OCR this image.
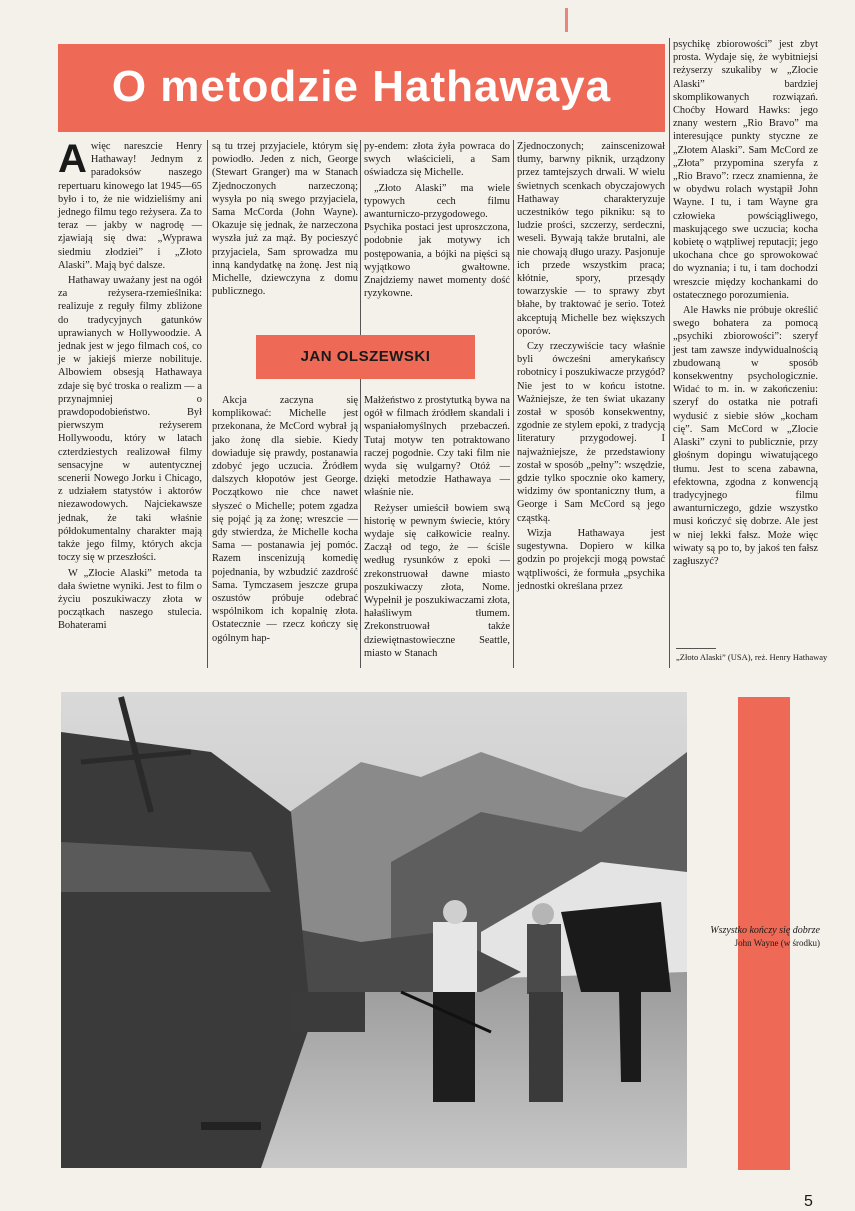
O metodzie Hathawaya

Awięc nareszcie Henry Hathaway! Jednym z paradoksów naszego repertuaru kinowego lat 1945—65 było i to, że nie widzieliśmy ani jednego filmu tego reżysera. Za to teraz — jakby w nagrodę — zjawiają się dwa: „Wyprawa siedmiu złodziei” i „Złoto Alaski”. Mają być dalsze.

Hathaway uważany jest na ogół za reżysera-rzemieślnika: realizuje z reguły filmy zbliżone do tradycyjnych gatunków uprawianych w Hollywoodzie. A jednak jest w jego filmach coś, co je w jakiejś mierze nobilituje. Albowiem obsesją Hathawaya zdaje się być troska o realizm — a przynajmniej o prawdopodobieństwo. Był pierwszym reżyserem Hollywoodu, który w latach czterdziestych realizował filmy sensacyjne w autentycznej scenerii Nowego Jorku i Chicago, z udziałem statystów i aktorów niezawodowych. Najciekawsze jednak, że taki właśnie półdokumentalny charakter mają także jego filmy, których akcja toczy się w przeszłości.

W „Złocie Alaski” metoda ta dała świetne wyniki. Jest to film o życiu poszukiwaczy złota w początkach naszego stulecia. Bohaterami

są tu trzej przyjaciele, którym się powiodło. Jeden z nich, George (Stewart Granger) ma w Stanach Zjednoczonych narzeczoną; wysyła po nią swego przyjaciela, Sama McCorda (John Wayne). Okazuje się jednak, że narzeczona wyszła już za mąż. By pocieszyć przyjaciela, Sam sprowadza mu inną kandydatkę na żonę. Jest nią Michelle, dziewczyna z domu publicznego.

Akcja zaczyna się komplikować: Michelle jest przekonana, że McCord wybrał ją jako żonę dla siebie. Kiedy dowiaduje się prawdy, postanawia zdobyć jego uczucia. Źródłem dalszych kłopotów jest George. Początkowo nie chce nawet słyszeć o Michelle; potem zgadza się pojąć ją za żonę; wreszcie — gdy stwierdza, że Michelle kocha Sama — postanawia jej pomóc. Razem inscenizują komedię pojednania, by wzbudzić zazdrość Sama. Tymczasem jeszcze grupa oszustów próbuje odebrać wspólnikom ich kopalnię złota. Ostatecznie — rzecz kończy się ogólnym hap-

py-endem: złota żyła powraca do swych właścicieli, a Sam oświadcza się Michelle.

„Złoto Alaski” ma wiele typowych cech filmu awanturniczo-przygodowego. Psychika postaci jest uproszczona, podobnie jak motywy ich postępowania, a bójki na pięści są wyjątkowo gwałtowne. Znajdziemy nawet momenty dość ryzykowne.

Małżeństwo z prostytutką bywa na ogół w filmach źródłem skandali i wspaniałomyślnych przebaczeń. Tutaj motyw ten potraktowano raczej pogodnie. Czy taki film nie wyda się wulgarny? Otóż — dzięki metodzie Hathawaya — właśnie nie.

Reżyser umieścił bowiem swą historię w pewnym świecie, który wydaje się całkowicie realny. Zaczął od tego, że — ściśle według rysunków z epoki — zrekonstruował dawne miasto poszukiwaczy złota, Nome. Wypełnił je poszukiwaczami złota, hałaśliwym tłumem. Zrekonstruował także dziewiętnastowieczne Seattle, miasto w Stanach

JAN OLSZEWSKI

Zjednoczonych; zainscenizował tłumy, barwny piknik, urządzony przez tamtejszych drwali. W wielu świetnych scenkach obyczajowych Hathaway charakteryzuje uczestników tego pikniku: są to ludzie prości, szczerzy, serdeczni, weseli. Bywają także brutalni, ale nie chowają długo urazy. Pasjonuje ich przede wszystkim praca; kłótnie, spory, przesądy towarzyskie — to sprawy zbyt błahe, by traktować je serio. Toteż akceptują Michelle bez większych oporów.

Czy rzeczywiście tacy właśnie byli ówcześni amerykańscy robotnicy i poszukiwacze przygód? Nie jest to w końcu istotne. Ważniejsze, że ten świat ukazany został w sposób konsekwentny, zgodnie ze stylem epoki, z tradycją literatury przygodowej. I najważniejsze, że przedstawiony został w sposób „pełny”: wszędzie, gdzie tylko spocznie oko kamery, widzimy ów spontaniczny tłum, a George i Sam McCord są jego cząstką.

Wizja Hathawaya jest sugestywna. Dopiero w kilka godzin po projekcji mogą powstać wątpliwości, że formuła „psychika jednostki określana przez

psychikę zbiorowości” jest zbyt prosta. Wydaje się, że wybitniejsi reżyserzy szukaliby w „Złocie Alaski” bardziej skomplikowanych rozwiązań. Choćby Howard Hawks: jego znany western „Rio Bravo” ma interesujące punkty styczne ze „Złotem Alaski”. Sam McCord ze „Złota” przypomina szeryfa z „Rio Bravo”: rzecz znamienna, że w obydwu rolach wystąpił John Wayne. I tu, i tam Wayne gra człowieka powściągliwego, maskującego swe uczucia; kocha kobietę o wątpliwej reputacji; jego ukochana chce go sprowokować do wyznania; i tu, i tam dochodzi wreszcie między kochankami do ostatecznego porozumienia.

Ale Hawks nie próbuje określić swego bohatera za pomocą „psychiki zbiorowości”: szeryf jest tam zawsze indywidualnością zbudowaną w sposób konsekwentny psychologicznie. Widać to m. in. w zakończeniu: szeryf do ostatka nie potrafi wydusić z siebie słów „kocham cię”. Sam McCord w „Złocie Alaski” czyni to publicznie, przy głośnym dopingu wiwatującego tłumu. Jest to scena zabawna, efektowna, zgodna z konwencją tradycyjnego filmu awanturniczego, gdzie wszystko musi kończyć się dobrze. Ale jest w niej lekki fałsz. Może więc wiwaty są po to, by jakoś ten fałsz zagłuszyć?

„Złoto Alaski” (USA), reż. Henry Hathaway
Wszystko kończy się dobrze
John Wayne (w środku)
5
